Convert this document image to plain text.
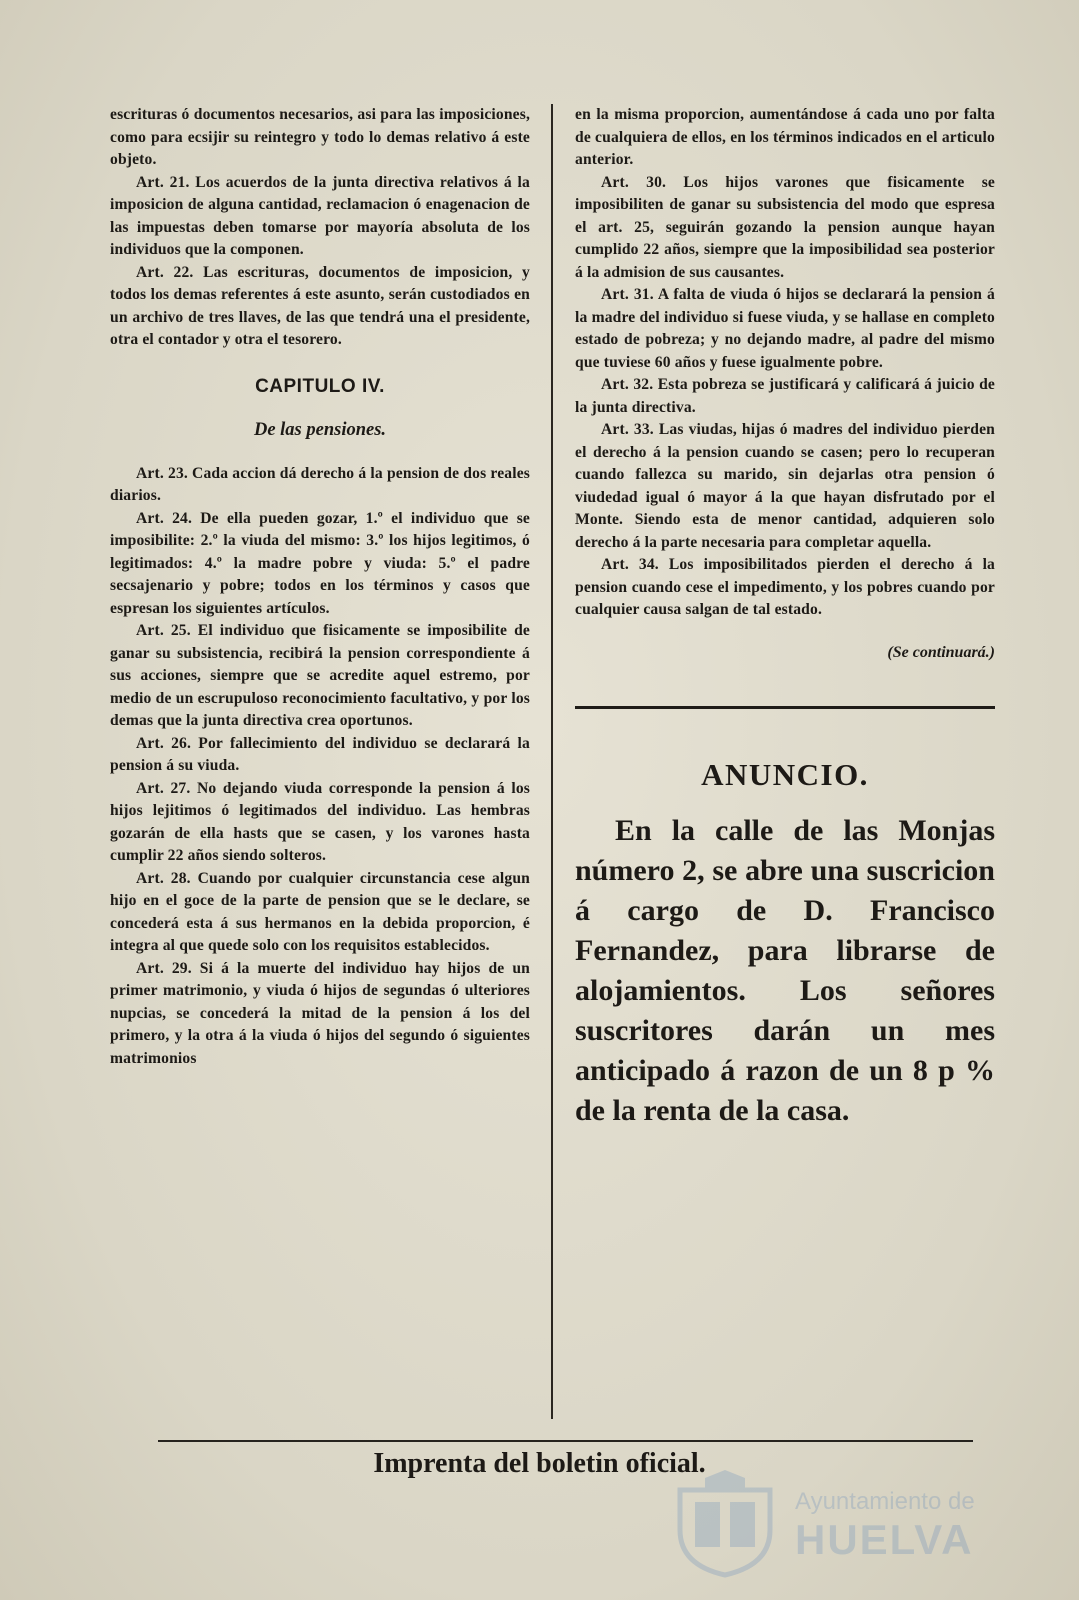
escrituras ó documentos necesarios, asi para las imposiciones, como para ecsijir su reintegro y todo lo demas relativo á este objeto.

Art. 21. Los acuerdos de la junta directiva relativos á la imposicion de alguna cantidad, reclamacion ó enagenacion de las impuestas deben tomarse por mayoría absoluta de los individuos que la componen.

Art. 22. Las escrituras, documentos de imposicion, y todos los demas referentes á este asunto, serán custodiados en un archivo de tres llaves, de las que tendrá una el presidente, otra el contador y otra el tesorero.

CAPITULO IV.
De las pensiones.

Art. 23. Cada accion dá derecho á la pension de dos reales diarios.

Art. 24. De ella pueden gozar, 1.º el individuo que se imposibilite: 2.º la viuda del mismo: 3.º los hijos legitimos, ó legitimados: 4.º la madre pobre y viuda: 5.º el padre secsajenario y pobre; todos en los términos y casos que espresan los siguientes artículos.

Art. 25. El individuo que fisicamente se imposibilite de ganar su subsistencia, recibirá la pension correspondiente á sus acciones, siempre que se acredite aquel estremo, por medio de un escrupuloso reconocimiento facultativo, y por los demas que la junta directiva crea oportunos.

Art. 26. Por fallecimiento del individuo se declarará la pension á su viuda.

Art. 27. No dejando viuda corresponde la pension á los hijos lejitimos ó legitimados del individuo. Las hembras gozarán de ella hasts que se casen, y los varones hasta cumplir 22 años siendo solteros.

Art. 28. Cuando por cualquier circunstancia cese algun hijo en el goce de la parte de pension que se le declare, se concederá esta á sus hermanos en la debida proporcion, é integra al que quede solo con los requisitos establecidos.

Art. 29. Si á la muerte del individuo hay hijos de un primer matrimonio, y viuda ó hijos de segundas ó ulteriores nupcias, se concederá la mitad de la pension á los del primero, y la otra á la viuda ó hijos del segundo ó siguientes matrimonios

en la misma proporcion, aumentándose á cada uno por falta de cualquiera de ellos, en los términos indicados en el articulo anterior.

Art. 30. Los hijos varones que fisicamente se imposibiliten de ganar su subsistencia del modo que espresa el art. 25, seguirán gozando la pension aunque hayan cumplido 22 años, siempre que la imposibilidad sea posterior á la admision de sus causantes.

Art. 31. A falta de viuda ó hijos se declarará la pension á la madre del individuo si fuese viuda, y se hallase en completo estado de pobreza; y no dejando madre, al padre del mismo que tuviese 60 años y fuese igualmente pobre.

Art. 32. Esta pobreza se justificará y calificará á juicio de la junta directiva.

Art. 33. Las viudas, hijas ó madres del individuo pierden el derecho á la pension cuando se casen; pero lo recuperan cuando fallezca su marido, sin dejarlas otra pension ó viudedad igual ó mayor á la que hayan disfrutado por el Monte. Siendo esta de menor cantidad, adquieren solo derecho á la parte necesaria para completar aquella.

Art. 34. Los imposibilitados pierden el derecho á la pension cuando cese el impedimento, y los pobres cuando por cualquier causa salgan de tal estado.

(Se continuará.)
ANUNCIO.

En la calle de las Monjas número 2, se abre una suscricion á cargo de D. Francisco Fernandez, para librarse de alojamientos. Los señores suscritores darán un mes anticipado á razon de un 8 p % de la renta de la casa.

Imprenta del boletin oficial.
Ayuntamiento de
HUELVA
